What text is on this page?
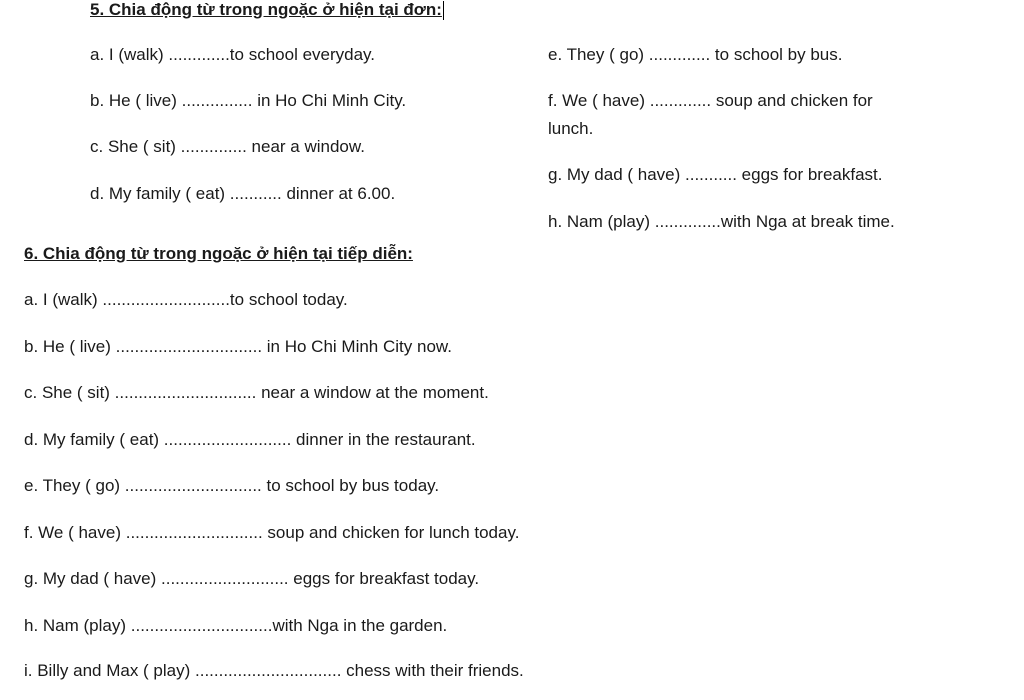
5. Chia động từ trong ngoặc ở hiện tại đơn:
a. I (walk) .............to school everyday.
b. He ( live) ............... in Ho Chi Minh City.
c. She ( sit) .............. near a window.
d. My family ( eat) ........... dinner at 6.00.
e. They ( go) ............. to school by bus.
f. We ( have) ............. soup and chicken for
lunch.
g. My dad ( have) ........... eggs for breakfast.
h. Nam (play) ..............with Nga at break time.
6. Chia động từ trong ngoặc ở hiện tại tiếp diễn:
a. I (walk) ...........................to school today.
b. He ( live) ............................... in Ho Chi Minh City now.
c. She ( sit) .............................. near a window at the moment.
d. My family ( eat) ........................... dinner in the restaurant.
e. They ( go) ............................. to school by bus today.
f. We ( have) ............................. soup and chicken for lunch today.
g. My dad ( have) ........................... eggs for breakfast today.
h. Nam (play) ..............................with Nga in the garden.
i. Billy and Max ( play) ............................... chess with their friends.
